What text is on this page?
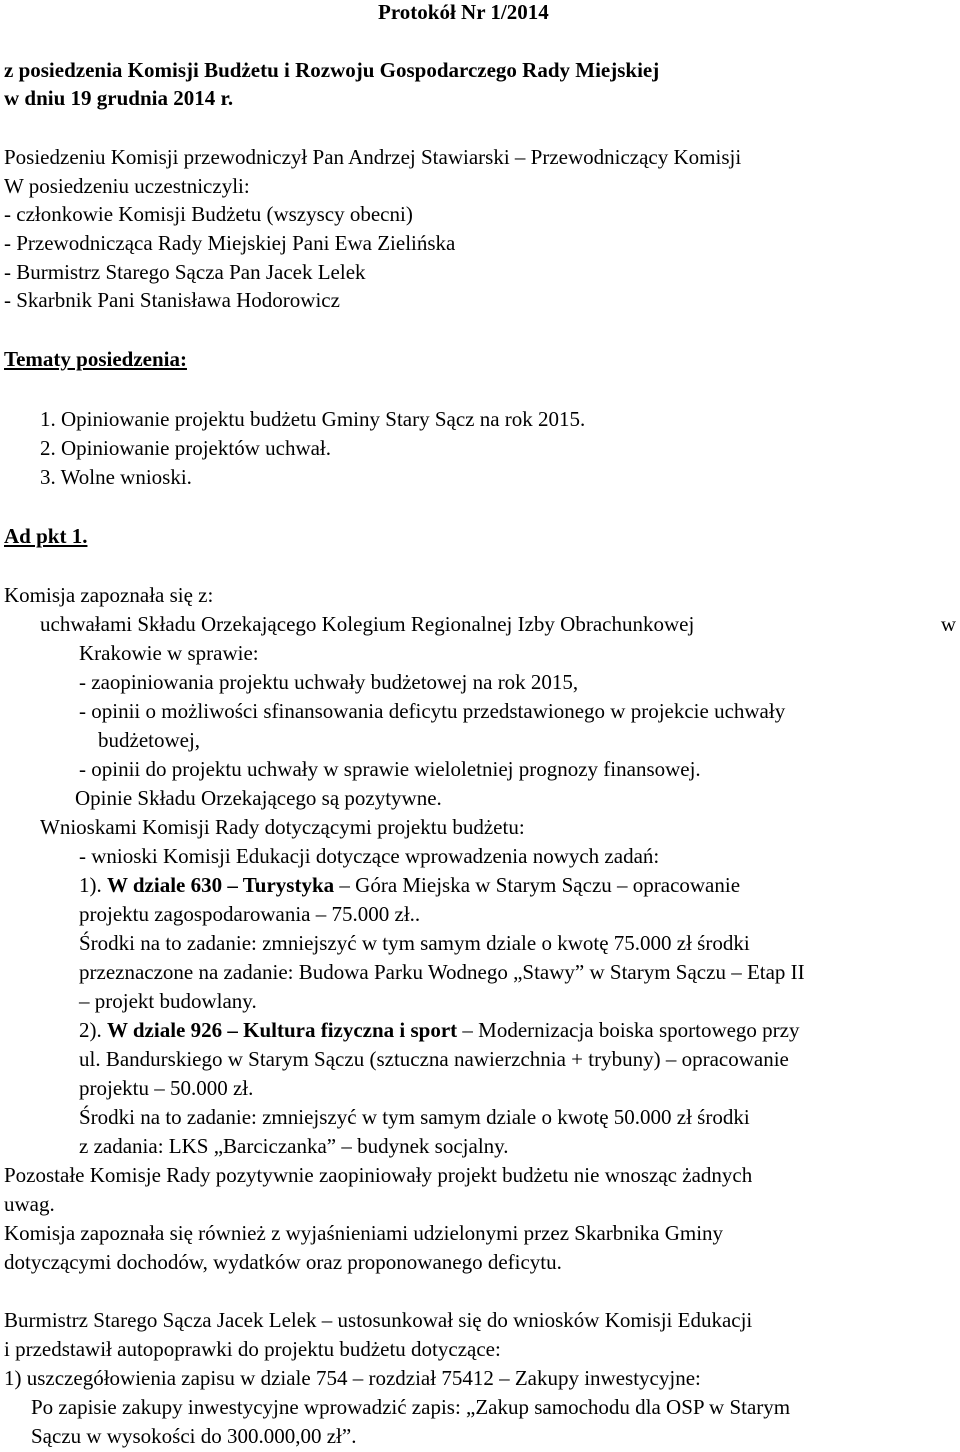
Protokół Nr 1/2014

z posiedzenia Komisji Budżetu i Rozwoju Gospodarczego Rady Miejskiej

w dniu 19 grudnia 2014 r.

Posiedzeniu Komisji przewodniczył Pan Andrzej Stawiarski – Przewodniczący Komisji
W posiedzeniu uczestniczyli:
- członkowie Komisji Budżetu (wszyscy obecni)
- Przewodnicząca Rady Miejskiej Pani Ewa Zielińska
- Burmistrz Starego Sącza Pan Jacek Lelek
- Skarbnik Pani Stanisława Hodorowicz
Tematy posiedzenia:
1. Opiniowanie projektu budżetu Gminy Stary Sącz na rok 2015.
2. Opiniowanie projektów uchwał.
3. Wolne wnioski.
Ad pkt 1.
Komisja zapoznała się z:
uchwałami Składu Orzekającego Kolegium Regionalnej Izby Obrachunkowej	w
Krakowie w sprawie:
- zaopiniowania projektu uchwały budżetowej na rok 2015,
- opinii o możliwości sfinansowania deficytu przedstawionego w projekcie uchwały
budżetowej,
- opinii do projektu uchwały w sprawie wieloletniej prognozy finansowej.
Opinie Składu Orzekającego są pozytywne.
Wnioskami Komisji Rady dotyczącymi projektu budżetu:
- wnioski Komisji Edukacji dotyczące wprowadzenia nowych zadań:
1). W dziale 630 – Turystyka – Góra Miejska w Starym Sączu – opracowanie
projektu zagospodarowania – 75.000 zł..
Środki na to zadanie: zmniejszyć w tym samym dziale o kwotę 75.000 zł środki
przeznaczone na zadanie: Budowa Parku Wodnego „Stawy” w Starym Sączu – Etap II
– projekt budowlany.
2). W dziale 926 – Kultura fizyczna i sport – Modernizacja boiska sportowego przy
ul. Bandurskiego w Starym Sączu (sztuczna nawierzchnia + trybuny) – opracowanie
projektu – 50.000 zł.
Środki na to zadanie: zmniejszyć w tym samym dziale o kwotę 50.000 zł środki
z zadania: LKS „Barciczanka” – budynek socjalny.
Pozostałe Komisje Rady pozytywnie zaopiniowały projekt budżetu nie wnosząc żadnych
uwag.
Komisja zapoznała się również z wyjaśnieniami udzielonymi przez Skarbnika Gminy
dotyczącymi dochodów, wydatków oraz proponowanego deficytu.
Burmistrz Starego Sącza Jacek Lelek – ustosunkował się do wniosków Komisji Edukacji
i przedstawił autopoprawki do projektu budżetu dotyczące:
1) uszczegółowienia zapisu w dziale 754 – rozdział 75412 – Zakupy inwestycyjne:
Po zapisie zakupy inwestycyjne wprowadzić zapis: „Zakup samochodu dla OSP w Starym
Sączu w wysokości do 300.000,00 zł”.
